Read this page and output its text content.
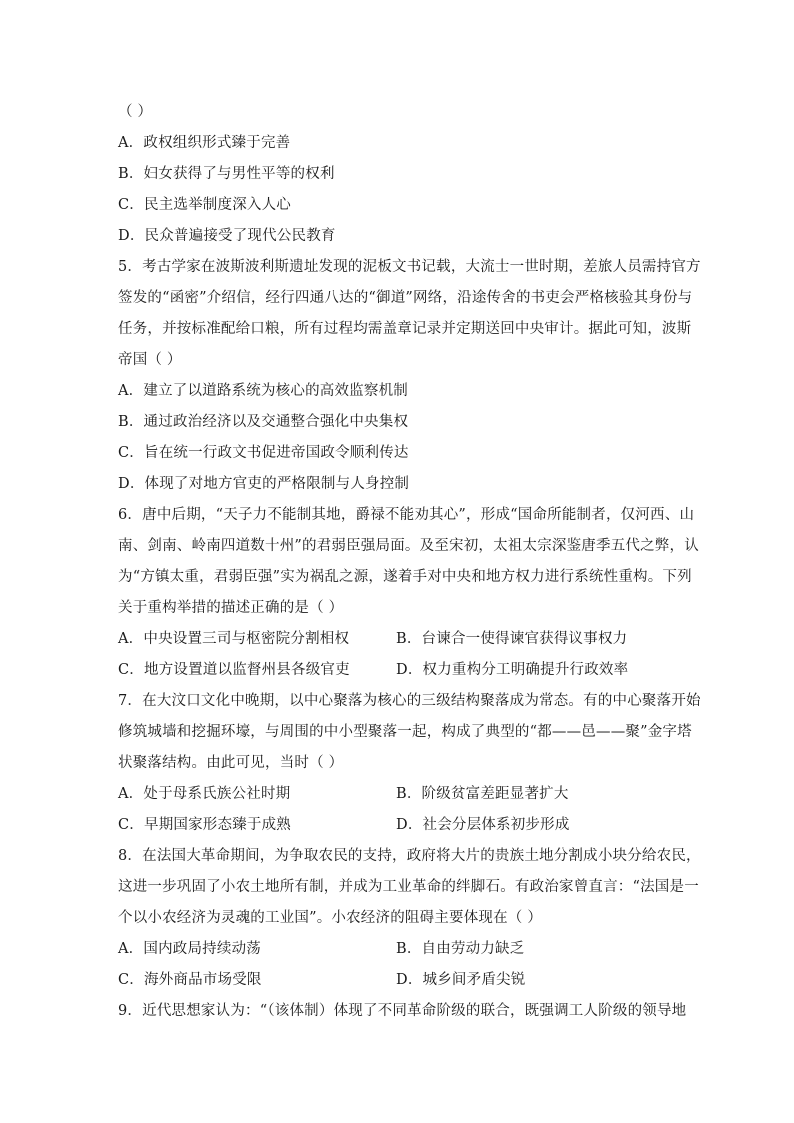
（ ）
A．政权组织形式臻于完善
B．妇女获得了与男性平等的权利
C．民主选举制度深入人心
D．民众普遍接受了现代公民教育
5．考古学家在波斯波利斯遗址发现的泥板文书记载，大流士一世时期，差旅人员需持官方
签发的“函密”介绍信，经行四通八达的“御道”网络，沿途传舍的书吏会严格核验其身份与
任务，并按标准配给口粮，所有过程均需盖章记录并定期送回中央审计。据此可知，波斯
帝国（ ）
A．建立了以道路系统为核心的高效监察机制
B．通过政治经济以及交通整合强化中央集权
C．旨在统一行政文书促进帝国政令顺利传达
D．体现了对地方官吏的严格限制与人身控制
6．唐中后期，“天子力不能制其地，爵禄不能劝其心”，形成“国命所能制者，仅河西、山
南、剑南、岭南四道数十州”的君弱臣强局面。及至宋初，太祖太宗深鉴唐季五代之弊，认
为“方镇太重，君弱臣强”实为祸乱之源，遂着手对中央和地方权力进行系统性重构。下列
关于重构举措的描述正确的是（ ）
A．中央设置三司与枢密院分割相权	B．台谏合一使得谏官获得议事权力
C．地方设置道以监督州县各级官吏	D．权力重构分工明确提升行政效率
7．在大汶口文化中晚期，以中心聚落为核心的三级结构聚落成为常态。有的中心聚落开始
修筑城墙和挖掘环壕，与周围的中小型聚落一起，构成了典型的“都——邑——聚”金字塔
状聚落结构。由此可见，当时（ ）
A．处于母系氏族公社时期	B．阶级贫富差距显著扩大
C．早期国家形态臻于成熟	D．社会分层体系初步形成
8．在法国大革命期间，为争取农民的支持，政府将大片的贵族土地分割成小块分给农民，
这进一步巩固了小农土地所有制，并成为工业革命的绊脚石。有政治家曾直言：“法国是一
个以小农经济为灵魂的工业国”。小农经济的阻碍主要体现在（ ）
A．国内政局持续动荡	B．自由劳动力缺乏
C．海外商品市场受限	D．城乡间矛盾尖锐
9．近代思想家认为：“（该体制）体现了不同革命阶级的联合，既强调工人阶级的领导地
